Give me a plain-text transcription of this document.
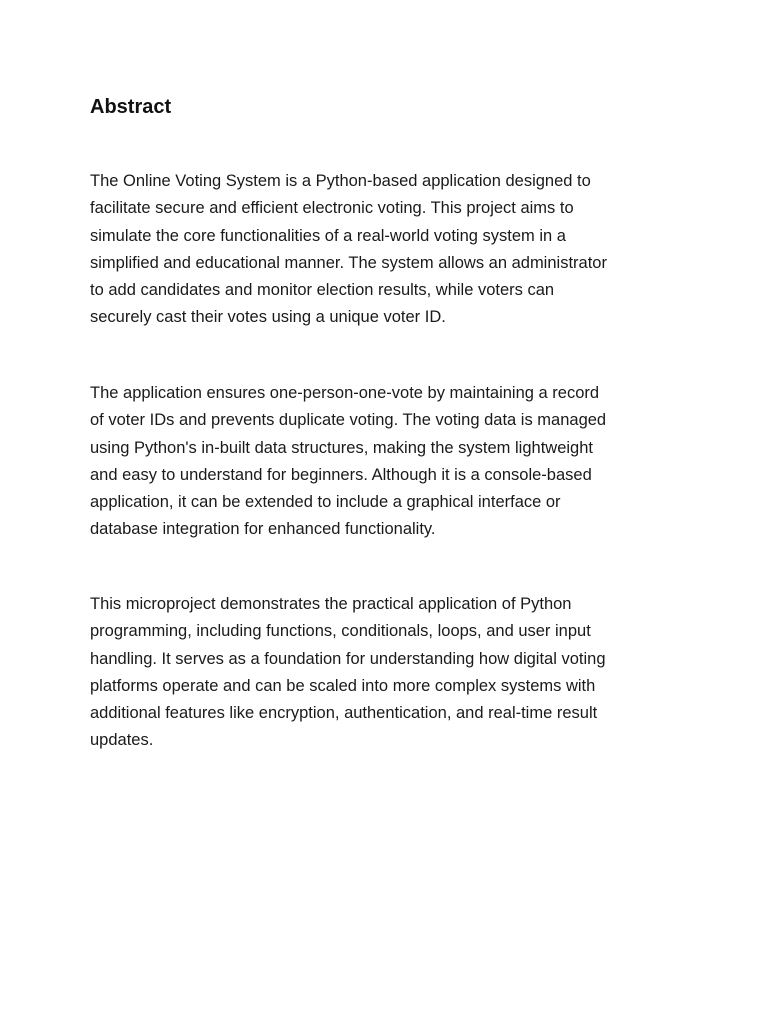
Abstract

The Online Voting System is a Python-based application designed to
facilitate secure and efficient electronic voting. This project aims to
simulate the core functionalities of a real-world voting system in a
simplified and educational manner. The system allows an administrator
to add candidates and monitor election results, while voters can
securely cast their votes using a unique voter ID.

The application ensures one-person-one-vote by maintaining a record
of voter IDs and prevents duplicate voting. The voting data is managed
using Python's in-built data structures, making the system lightweight
and easy to understand for beginners. Although it is a console-based
application, it can be extended to include a graphical interface or
database integration for enhanced functionality.

This microproject demonstrates the practical application of Python
programming, including functions, conditionals, loops, and user input
handling. It serves as a foundation for understanding how digital voting
platforms operate and can be scaled into more complex systems with
additional features like encryption, authentication, and real-time result
updates.
